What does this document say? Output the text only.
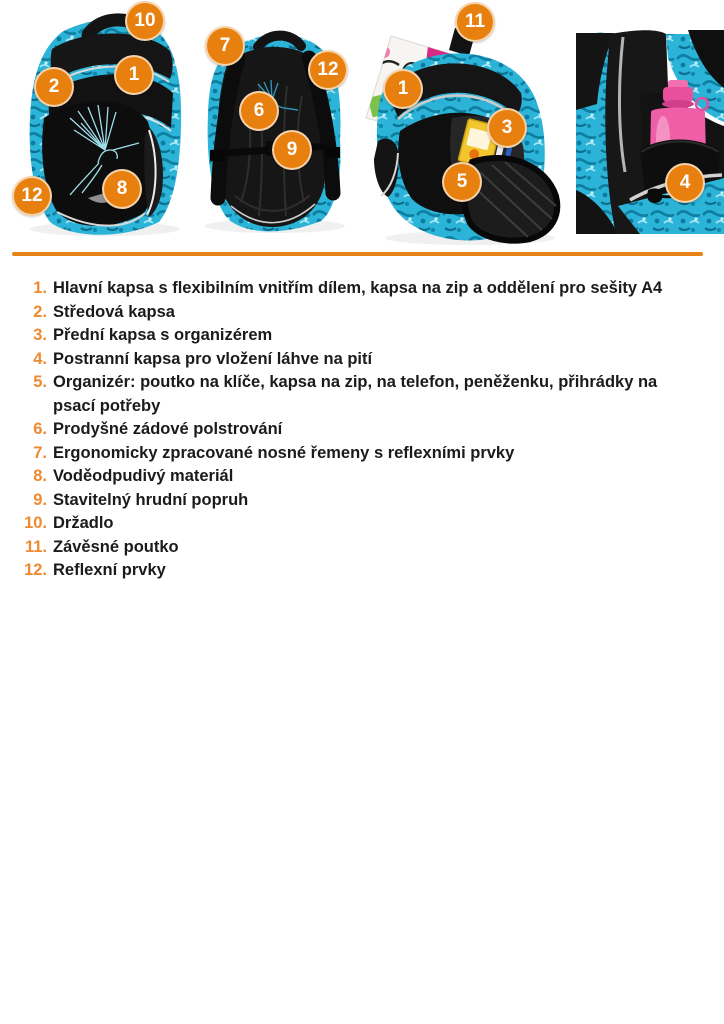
10
1
2
12	8
7
12
6
9
11
1
3
5	4
1. Hlavní kapsa s flexibilním vnitřím dílem, kapsa na zip a oddělení pro sešity A4
2. Středová kapsa
3. Přední kapsa s organizérem
4. Postranní kapsa pro vložení láhve na pití
5. Organizér: poutko na klíče, kapsa na zip, na telefon, peněženku, přihrádky na psací potřeby
6. Prodyšné zádové polstrování
7. Ergonomicky zpracované nosné řemeny s reflexními prvky
8. Voděodpudivý materiál
9. Stavitelný hrudní popruh
10. Držadlo
11. Závěsné poutko
12. Reflexní prvky
